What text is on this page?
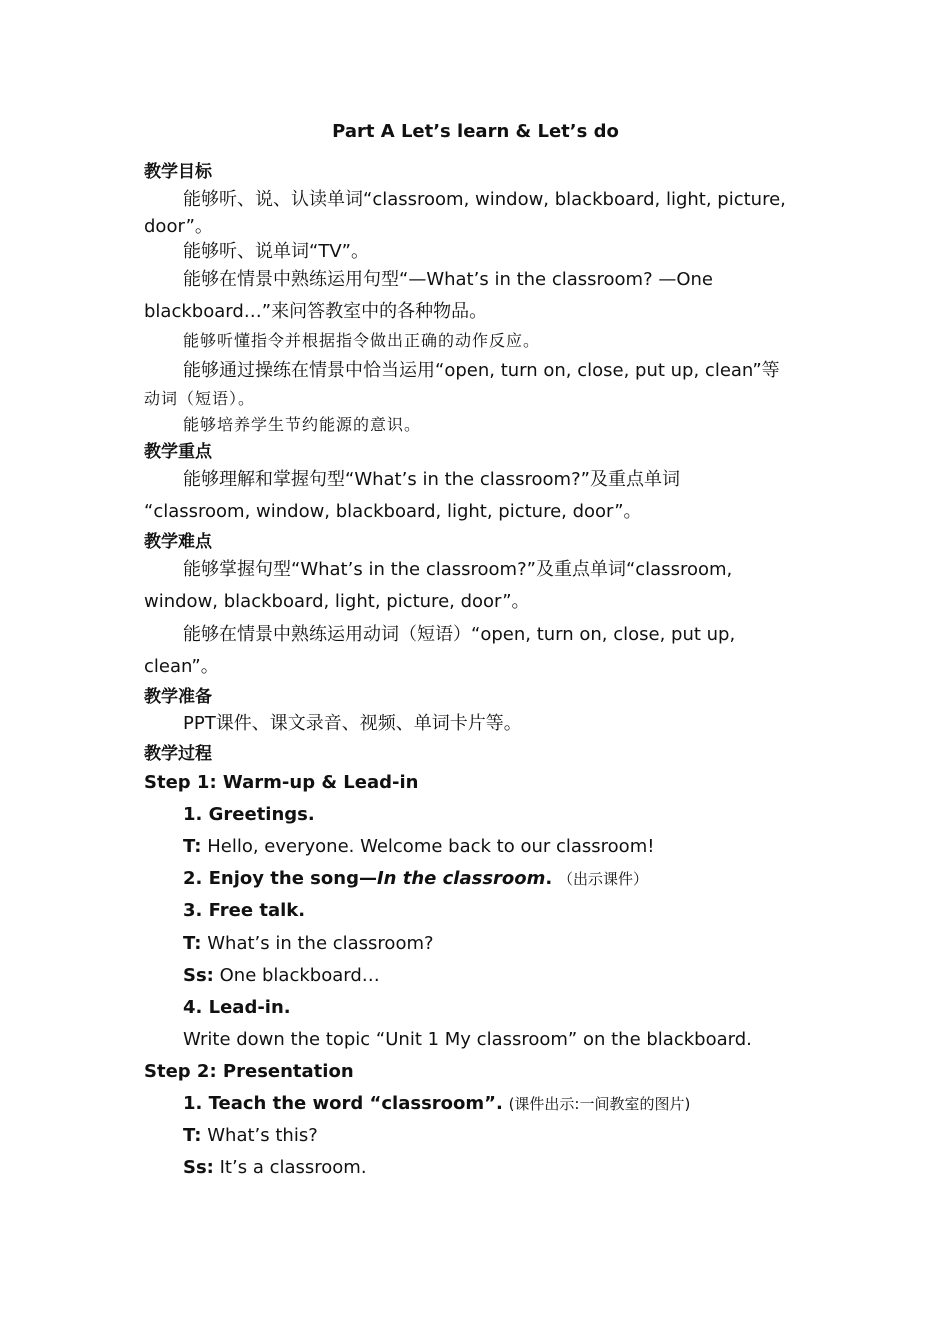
Part A Let’s learn & Let’s do
教学目标
能够听、说、认读单词“classroom, window, blackboard, light, picture,
door”。
能够听、说单词“TV”。
能够在情景中熟练运用句型“—What’s in the classroom? —One
blackboard…”来问答教室中的各种物品。
能够听懂指令并根据指令做出正确的动作反应。
能够通过操练在情景中恰当运用“open, turn on, close, put up, clean”等
动词（短语）。
能够培养学生节约能源的意识。
教学重点
能够理解和掌握句型“What’s in the classroom?”及重点单词
“classroom, window, blackboard, light, picture, door”。
教学难点
能够掌握句型“What’s in the classroom?”及重点单词“classroom,
window, blackboard, light, picture, door”。
能够在情景中熟练运用动词（短语）“open, turn on, close, put up,
clean”。
教学准备
PPT课件、课文录音、视频、单词卡片等。
教学过程
Step 1: Warm-up & Lead-in
1. Greetings.
T: Hello, everyone. Welcome back to our classroom!
2. Enjoy the song—In the classroom. （出示课件）
3. Free talk.
T: What’s in the classroom?
Ss: One blackboard…
4. Lead-in.
Write down the topic “Unit 1 My classroom” on the blackboard.
Step 2: Presentation
1. Teach the word “classroom”. (课件出示:一间教室的图片)
T: What’s this?
Ss: It’s a classroom.
